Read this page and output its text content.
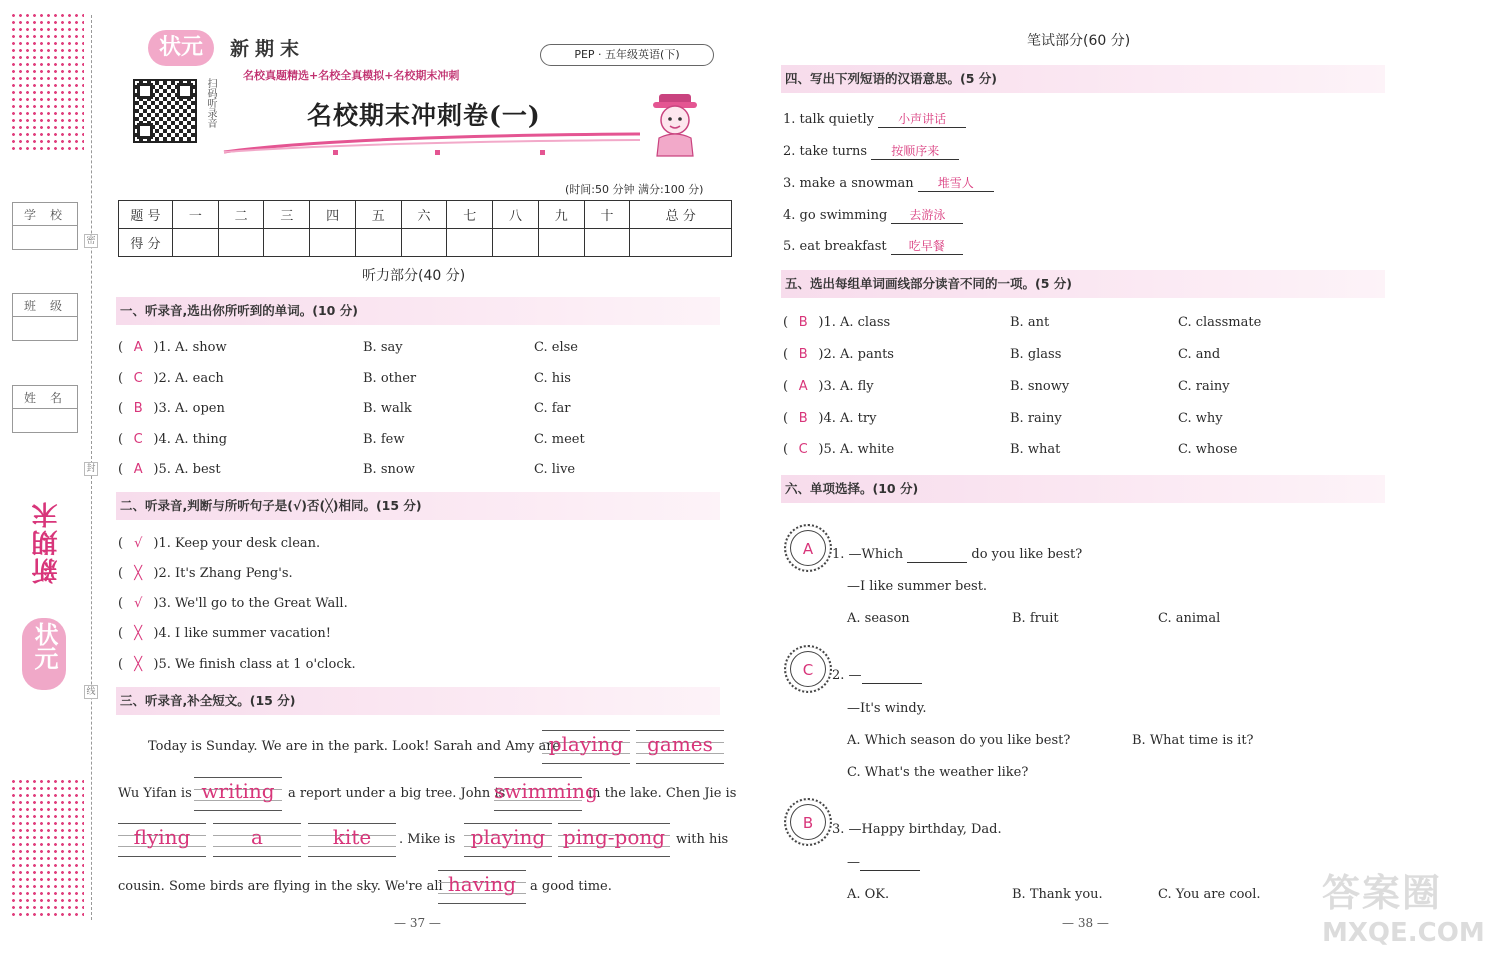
密
封
线
学校
班级
姓名
新期末
状元
状元	新期末	PEP · 五年级英语(下)
名校真题精选+名校全真模拟+名校期末冲刺
扫码听录音	名校期末冲刺卷(一)
(时间:50 分钟 满分:100 分)
题 号	一	二	三	四	五	六	七	八	九	十	总 分
得 分											
听力部分(40 分)
一、听录音,选出你所听到的单词。(10 分)
( A )1. A. show	B. say	C. else
( C )2. A. each	B. other	C. his
( B )3. A. open	B. walk	C. far
( C )4. A. thing	B. few	C. meet
( A )5. A. best	B. snow	C. live
二、听录音,判断与所听句子是(√)否(╳)相同。(15 分)
( √ )1. Keep your desk clean.
( ╳ )2. It's Zhang Peng's.
( √ )3. We'll go to the Great Wall.
( ╳ )4. I like summer vacation!
( ╳ )5. We finish class at 1 o'clock.
三、听录音,补全短文。(15 分)
Today is Sunday. We are in the park. Look! Sarah and Amy are
playing	games
Wu Yifan is writing	a report under a big tree. John is
swimming
in the lake. Chen Jie is
flying	a	kite	. Mike is playing ping-pong with his
cousin. Some birds are flying in the sky. We're all having	a good time.
— 37 —
笔试部分(60 分)
四、写出下列短语的汉语意思。(5 分)
1. talk quietly 小声讲话
2. take turns 按顺序来
3. make a snowman 堆雪人
4. go swimming 去游泳
5. eat breakfast 吃早餐
五、选出每组单词画线部分读音不同的一项。(5 分)
( B )1. A. class	B. ant	C. classmate
( B )2. A. pants	B. glass	C. and
( A )3. A. fly	B. snowy	C. rainy
( B )4. A. try	B. rainy	C. why
( C )5. A. white	B. what	C. whose
六、单项选择。(10 分)
A	1. —Which	do you like best?
—I like summer best.
A. season	B. fruit	C. animal
C	2. —
—It's windy.
A. Which season do you like best?	B. What time is it?
C. What's the weather like?
B	3. —Happy birthday, Dad.
—
A. OK.	B. Thank you.	C. You are cool.
— 38 —
答案圈
MXQE.COM
